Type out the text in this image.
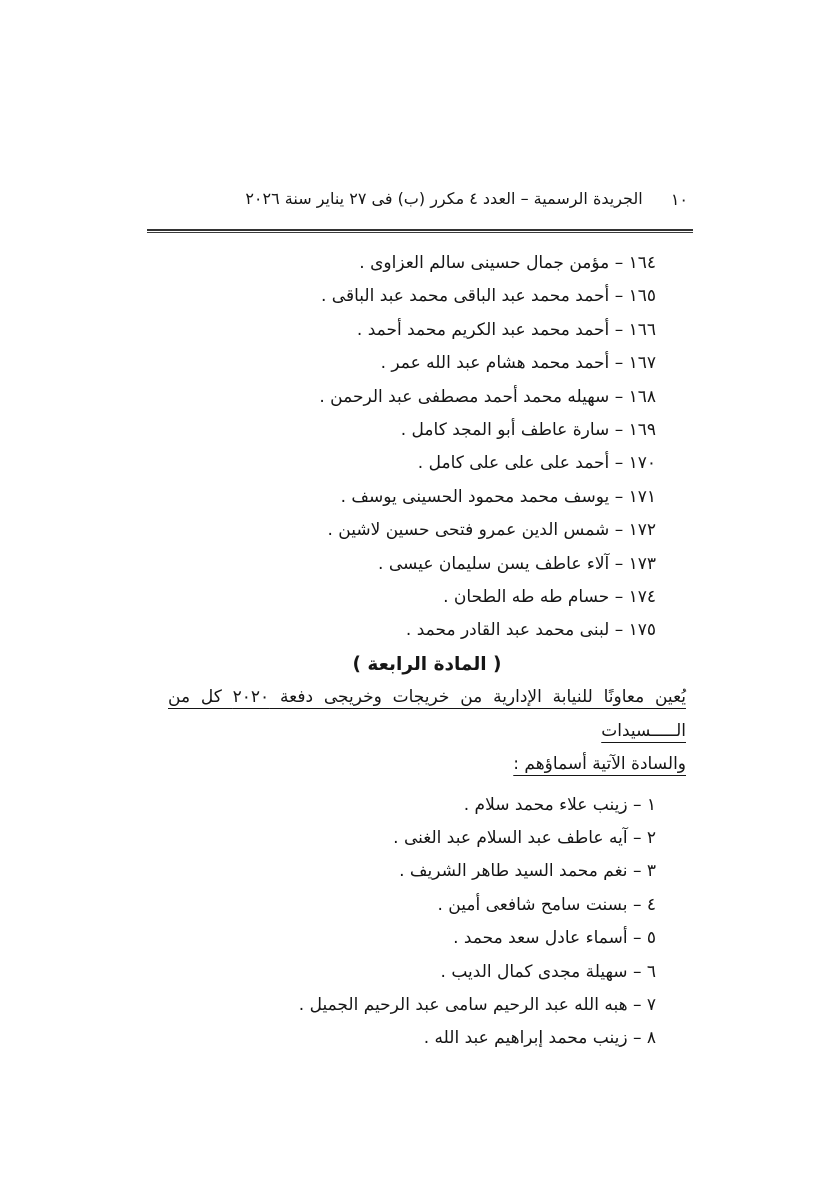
الجريدة الرسمية – العدد ٤ مكرر (ب) فى ٢٧ يناير سنة ٢٠٢٦	١٠
١٦٤ – مؤمن جمال حسينى سالم العزاوى .
١٦٥ – أحمد محمد عبد الباقى محمد عبد الباقى .
١٦٦ – أحمد محمد عبد الكريم محمد أحمد .
١٦٧ – أحمد محمد هشام عبد الله عمر .
١٦٨ – سهيله محمد أحمد مصطفى عبد الرحمن .
١٦٩ – سارة عاطف أبو المجد كامل .
١٧٠ – أحمد على على على كامل .
١٧١ – يوسف محمد محمود الحسينى يوسف .
١٧٢ – شمس الدين عمرو فتحى حسين لاشين .
١٧٣ – آلاء عاطف يسن سليمان عيسى .
١٧٤ – حسام طه طه الطحان .
١٧٥ – لبنى محمد عبد القادر محمد .
( المادة الرابعة )
يُعين معاونًا للنيابة الإدارية من خريجات وخريجى دفعة ٢٠٢٠ كل من الـــــسيدات
والسادة الآتية أسماؤهم :
١ – زينب علاء محمد سلام .
٢ – آيه عاطف عبد السلام عبد الغنى .
٣ – نغم محمد السيد طاهر الشريف .
٤ – بسنت سامح شافعى أمين .
٥ – أسماء عادل سعد محمد .
٦ – سهيلة مجدى كمال الديب .
٧ – هبه الله عبد الرحيم سامى عبد الرحيم الجميل .
٨ – زينب محمد إبراهيم عبد الله .
